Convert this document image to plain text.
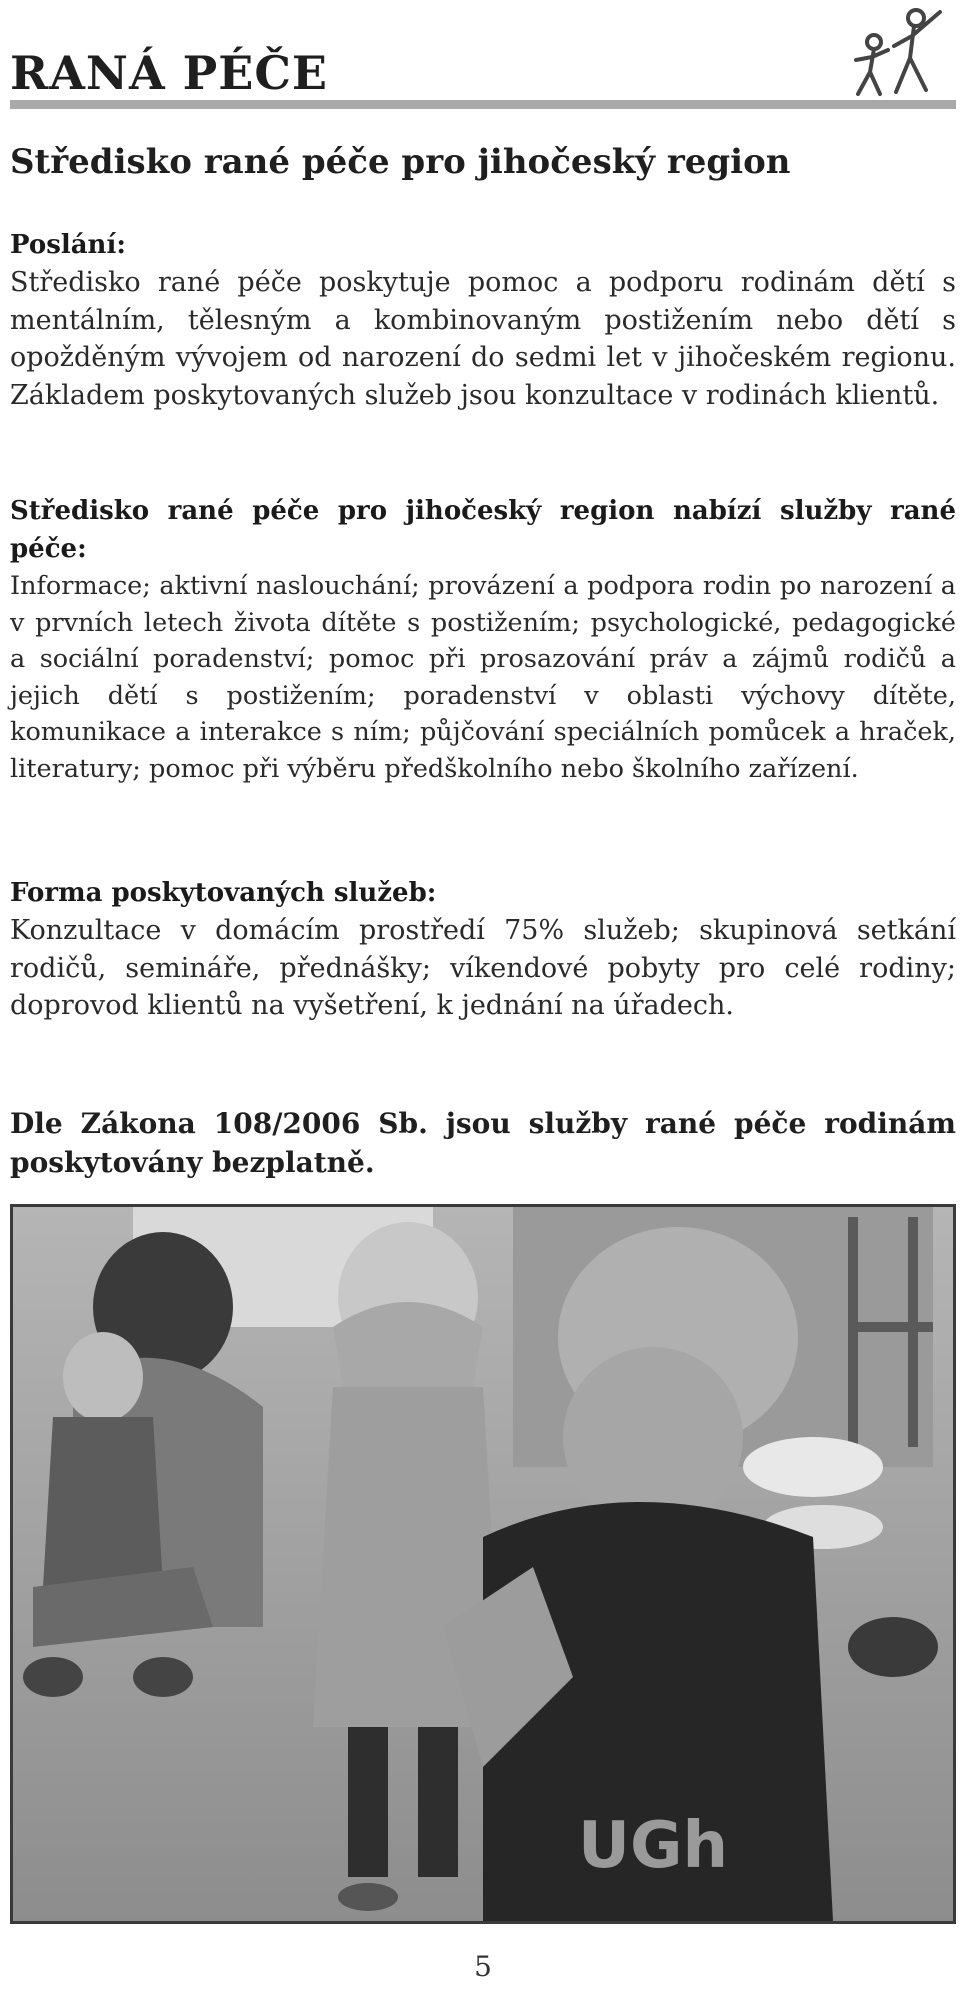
RANÁ PÉČE
Středisko rané péče pro jihočeský region

Poslání:

Středisko rané péče poskytuje pomoc a podporu rodinám dětí s mentálním, tělesným a kombinovaným postižením nebo dětí s opožděným vývojem od narození do sedmi let v jihočeském regionu. Základem poskytovaných služeb jsou konzultace v rodinách klientů.

Středisko rané péče pro jihočeský region nabízí služby rané péče:

Informace; aktivní naslouchání; provázení a podpora rodin po narození a v prvních letech života dítěte s postižením; psychologické, pedagogické a sociální poradenství; pomoc při prosazování práv a zájmů rodičů a jejich dětí s postižením; poradenství v oblasti výchovy dítěte, komunikace a interakce s ním; půjčování speciálních pomůcek a hraček, literatury; pomoc při výběru předškolního nebo školního zařízení.

Forma poskytovaných služeb:

Konzultace v domácím prostředí 75% služeb; skupinová setkání rodičů, semináře, přednášky; víkendové pobyty pro celé rodiny; doprovod klientů na vyšetření, k jednání na úřadech.

Dle Zákona 108/2006 Sb. jsou služby rané péče rodinám poskytovány bezplatně.

UGh
5
